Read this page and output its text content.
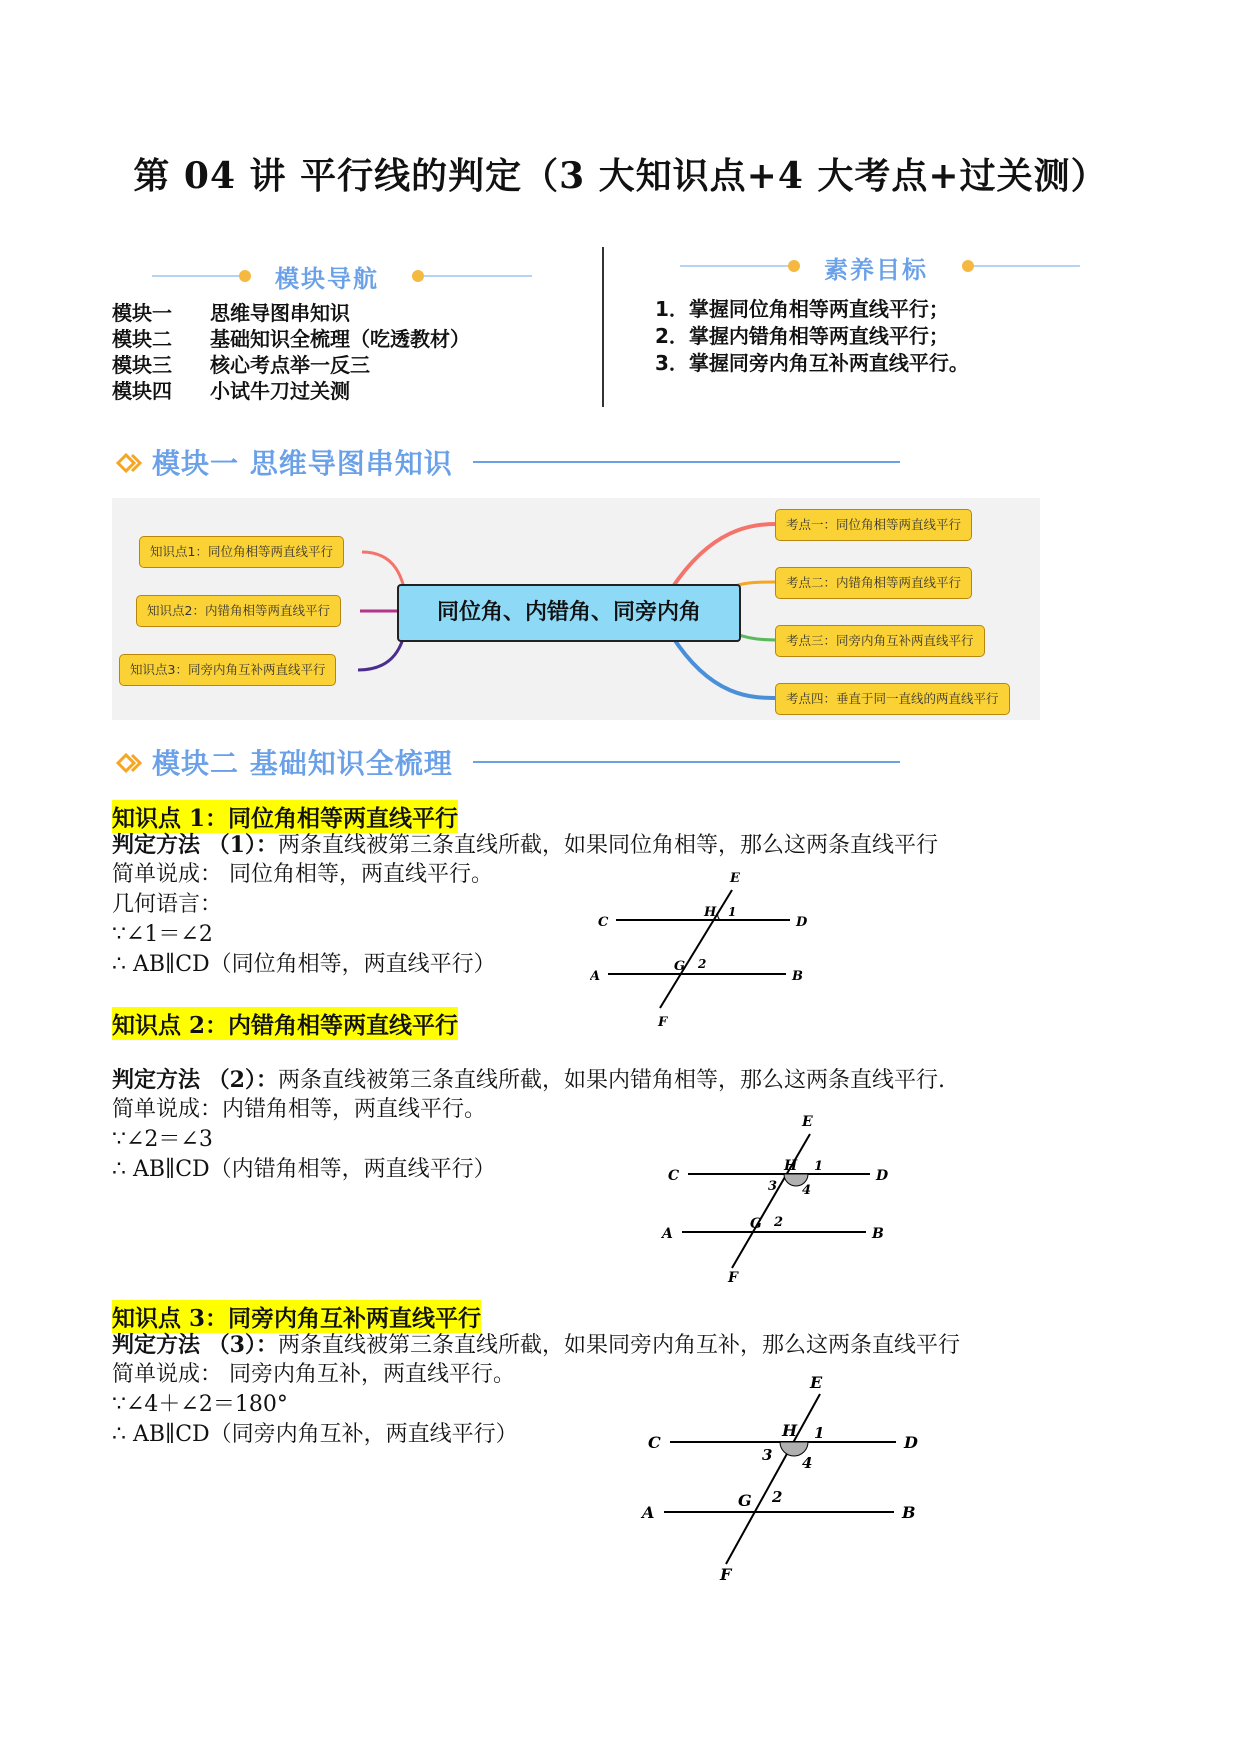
第 04 讲 平行线的判定（3 大知识点+4 大考点+过关测）
模块导航
模块一	思维导图串知识
模块二	基础知识全梳理（吃透教材）
模块三	核心考点举一反三
模块四	小试牛刀过关测
素养目标
1．掌握同位角相等两直线平行；
2．掌握内错角相等两直线平行；
3．掌握同旁内角互补两直线平行。
模块一 思维导图串知识
知识点1：同位角相等两直线平行
知识点2：内错角相等两直线平行
知识点3：同旁内角互补两直线平行
同位角、内错角、同旁内角
考点一：同位角相等两直线平行
考点二：内错角相等两直线平行
考点三：同旁内角互补两直线平行
考点四：垂直于同一直线的两直线平行
模块二 基础知识全梳理
知识点 1：同位角相等两直线平行
判定方法 （1）：两条直线被第三条直线所截，如果同位角相等，那么这两条直线平行
简单说成： 同位角相等，两直线平行。
几何语言：
∵∠1＝∠2
∴ AB∥CD（同位角相等，两直线平行）
C	D
A	B
E
F
H
G
1
2
知识点 2：内错角相等两直线平行
判定方法 （2）：两条直线被第三条直线所截，如果内错角相等，那么这两条直线平行.
简单说成：内错角相等，两直线平行。
∵∠2＝∠3
∴ AB∥CD（内错角相等，两直线平行）	C	D
A	B
E
F
H
G
1
2
3 4
知识点 3：同旁内角互补两直线平行
判定方法 （3）：两条直线被第三条直线所截，如果同旁内角互补，那么这两条直线平行
简单说成： 同旁内角互补，两直线平行。
∵∠4＋∠2＝180°
∴ AB∥CD（同旁内角互补，两直线平行）	C	D
A	B
E
F
H
G
1
2
3 4
